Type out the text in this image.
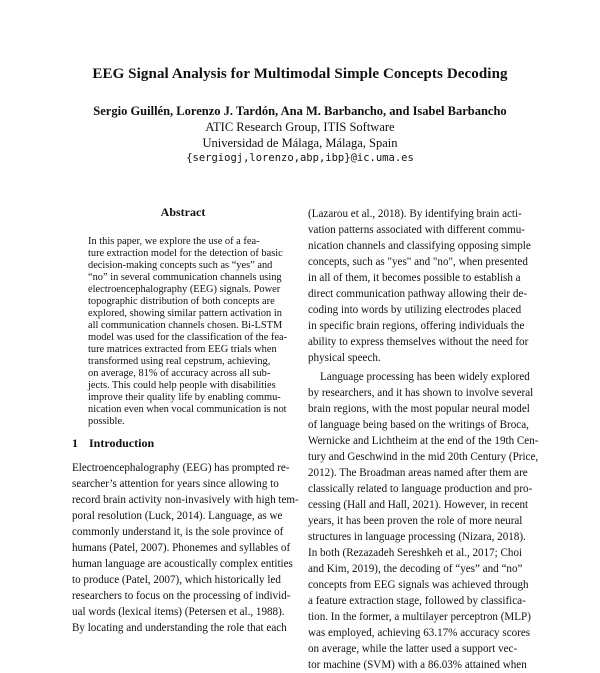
EEG Signal Analysis for Multimodal Simple Concepts Decoding
Sergio Guillén, Lorenzo J. Tardón, Ana M. Barbancho, and Isabel Barbancho
ATIC Research Group, ITIS Software
Universidad de Málaga, Málaga, Spain
{sergiogj,lorenzo,abp,ibp}@ic.uma.es
Abstract
In this paper, we explore the use of a fea-
ture extraction model for the detection of basic
decision-making concepts such as “yes” and
“no” in several communication channels using
electroencephalography (EEG) signals. Power
topographic distribution of both concepts are
explored, showing similar pattern activation in
all communication channels chosen. Bi-LSTM
model was used for the classification of the fea-
ture matrices extracted from EEG trials when
transformed using real cepstrum, achieving,
on average, 81% of accuracy across all sub-
jects. This could help people with disabilities
improve their quality life by enabling commu-
nication even when vocal communication is not
possible.
1 Introduction
Electroencephalography (EEG) has prompted re-
searcher’s attention for years since allowing to
record brain activity non-invasively with high tem-
poral resolution (Luck, 2014). Language, as we
commonly understand it, is the sole province of
humans (Patel, 2007). Phonemes and syllables of
human language are acoustically complex entities
to produce (Patel, 2007), which historically led
researchers to focus on the processing of individ-
ual words (lexical items) (Petersen et al., 1988).
By locating and understanding the role that each
(Lazarou et al., 2018). By identifying brain acti-
vation patterns associated with different commu-
nication channels and classifying opposing simple
concepts, such as "yes" and "no", when presented
in all of them, it becomes possible to establish a
direct communication pathway allowing their de-
coding into words by utilizing electrodes placed
in specific brain regions, offering individuals the
ability to express themselves without the need for
physical speech.
Language processing has been widely explored
by researchers, and it has shown to involve several
brain regions, with the most popular neural model
of language being based on the writings of Broca,
Wernicke and Lichtheim at the end of the 19th Cen-
tury and Geschwind in the mid 20th Century (Price,
2012). The Broadman areas named after them are
classically related to language production and pro-
cessing (Hall and Hall, 2021). However, in recent
years, it has been proven the role of more neural
structures in language processing (Nizara, 2018).
In both (Rezazadeh Sereshkeh et al., 2017; Choi
and Kim, 2019), the decoding of “yes” and “no”
concepts from EEG signals was achieved through
a feature extraction stage, followed by classifica-
tion. In the former, a multilayer perceptron (MLP)
was employed, achieving 63.17% accuracy scores
on average, while the latter used a support vec-
tor machine (SVM) with a 86.03% attained when
